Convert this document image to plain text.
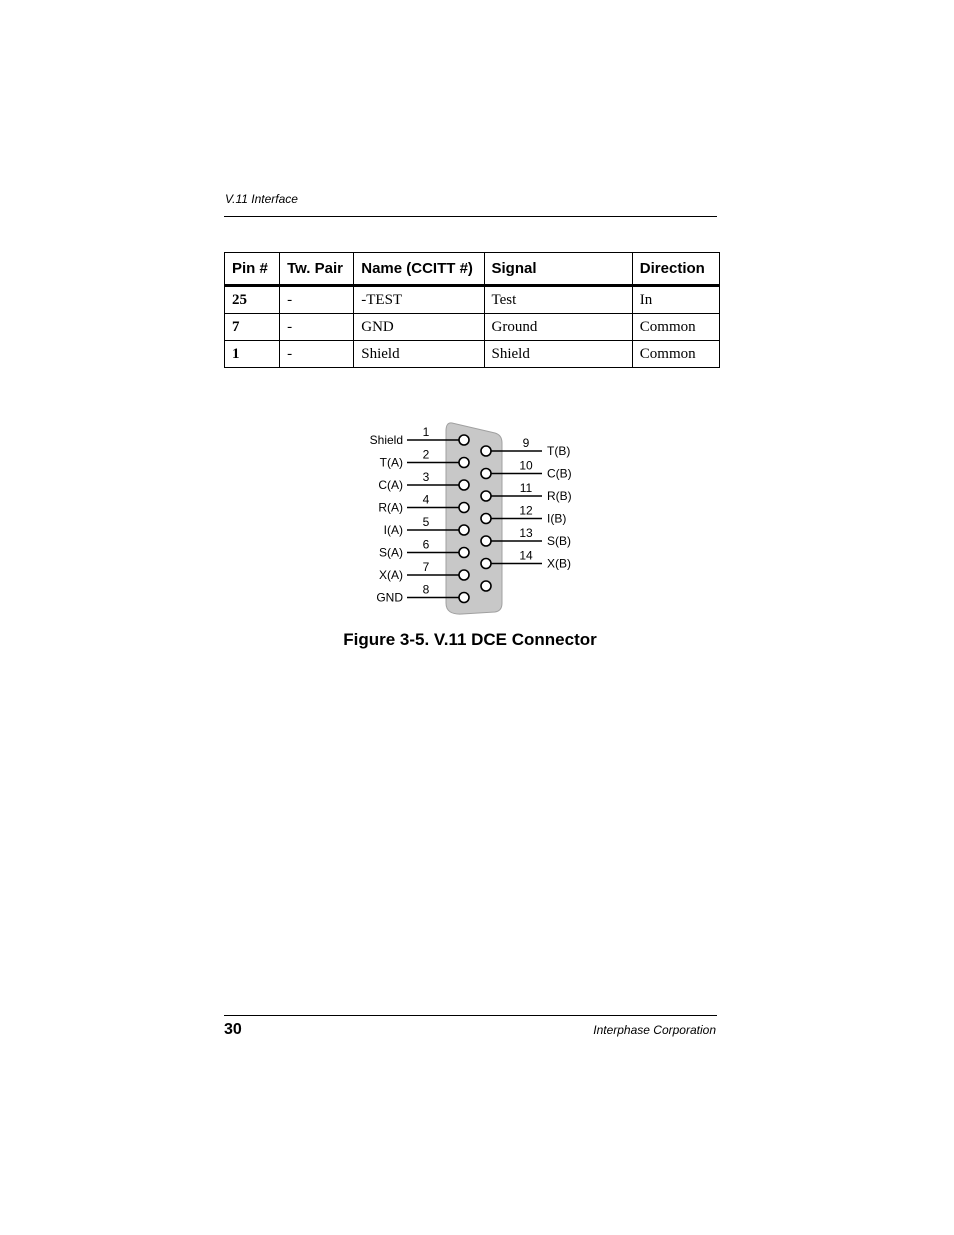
V.11 Interface
Pin #	Tw. Pair	Name (CCITT #)	Signal	Direction
25	-	-TEST	Test	In
7	-	GND	Ground	Common
1	-	Shield	Shield	Common
1
Shield
2
T(A)
3
C(A)
4
R(A)
5
I(A)
6
S(A)
7
X(A)
8
GND
9
T(B)
10
C(B)
11
R(B)
12
I(B)
13
S(B)
14
X(B)
Figure 3-5. V.11 DCE Connector
30	Interphase Corporation
